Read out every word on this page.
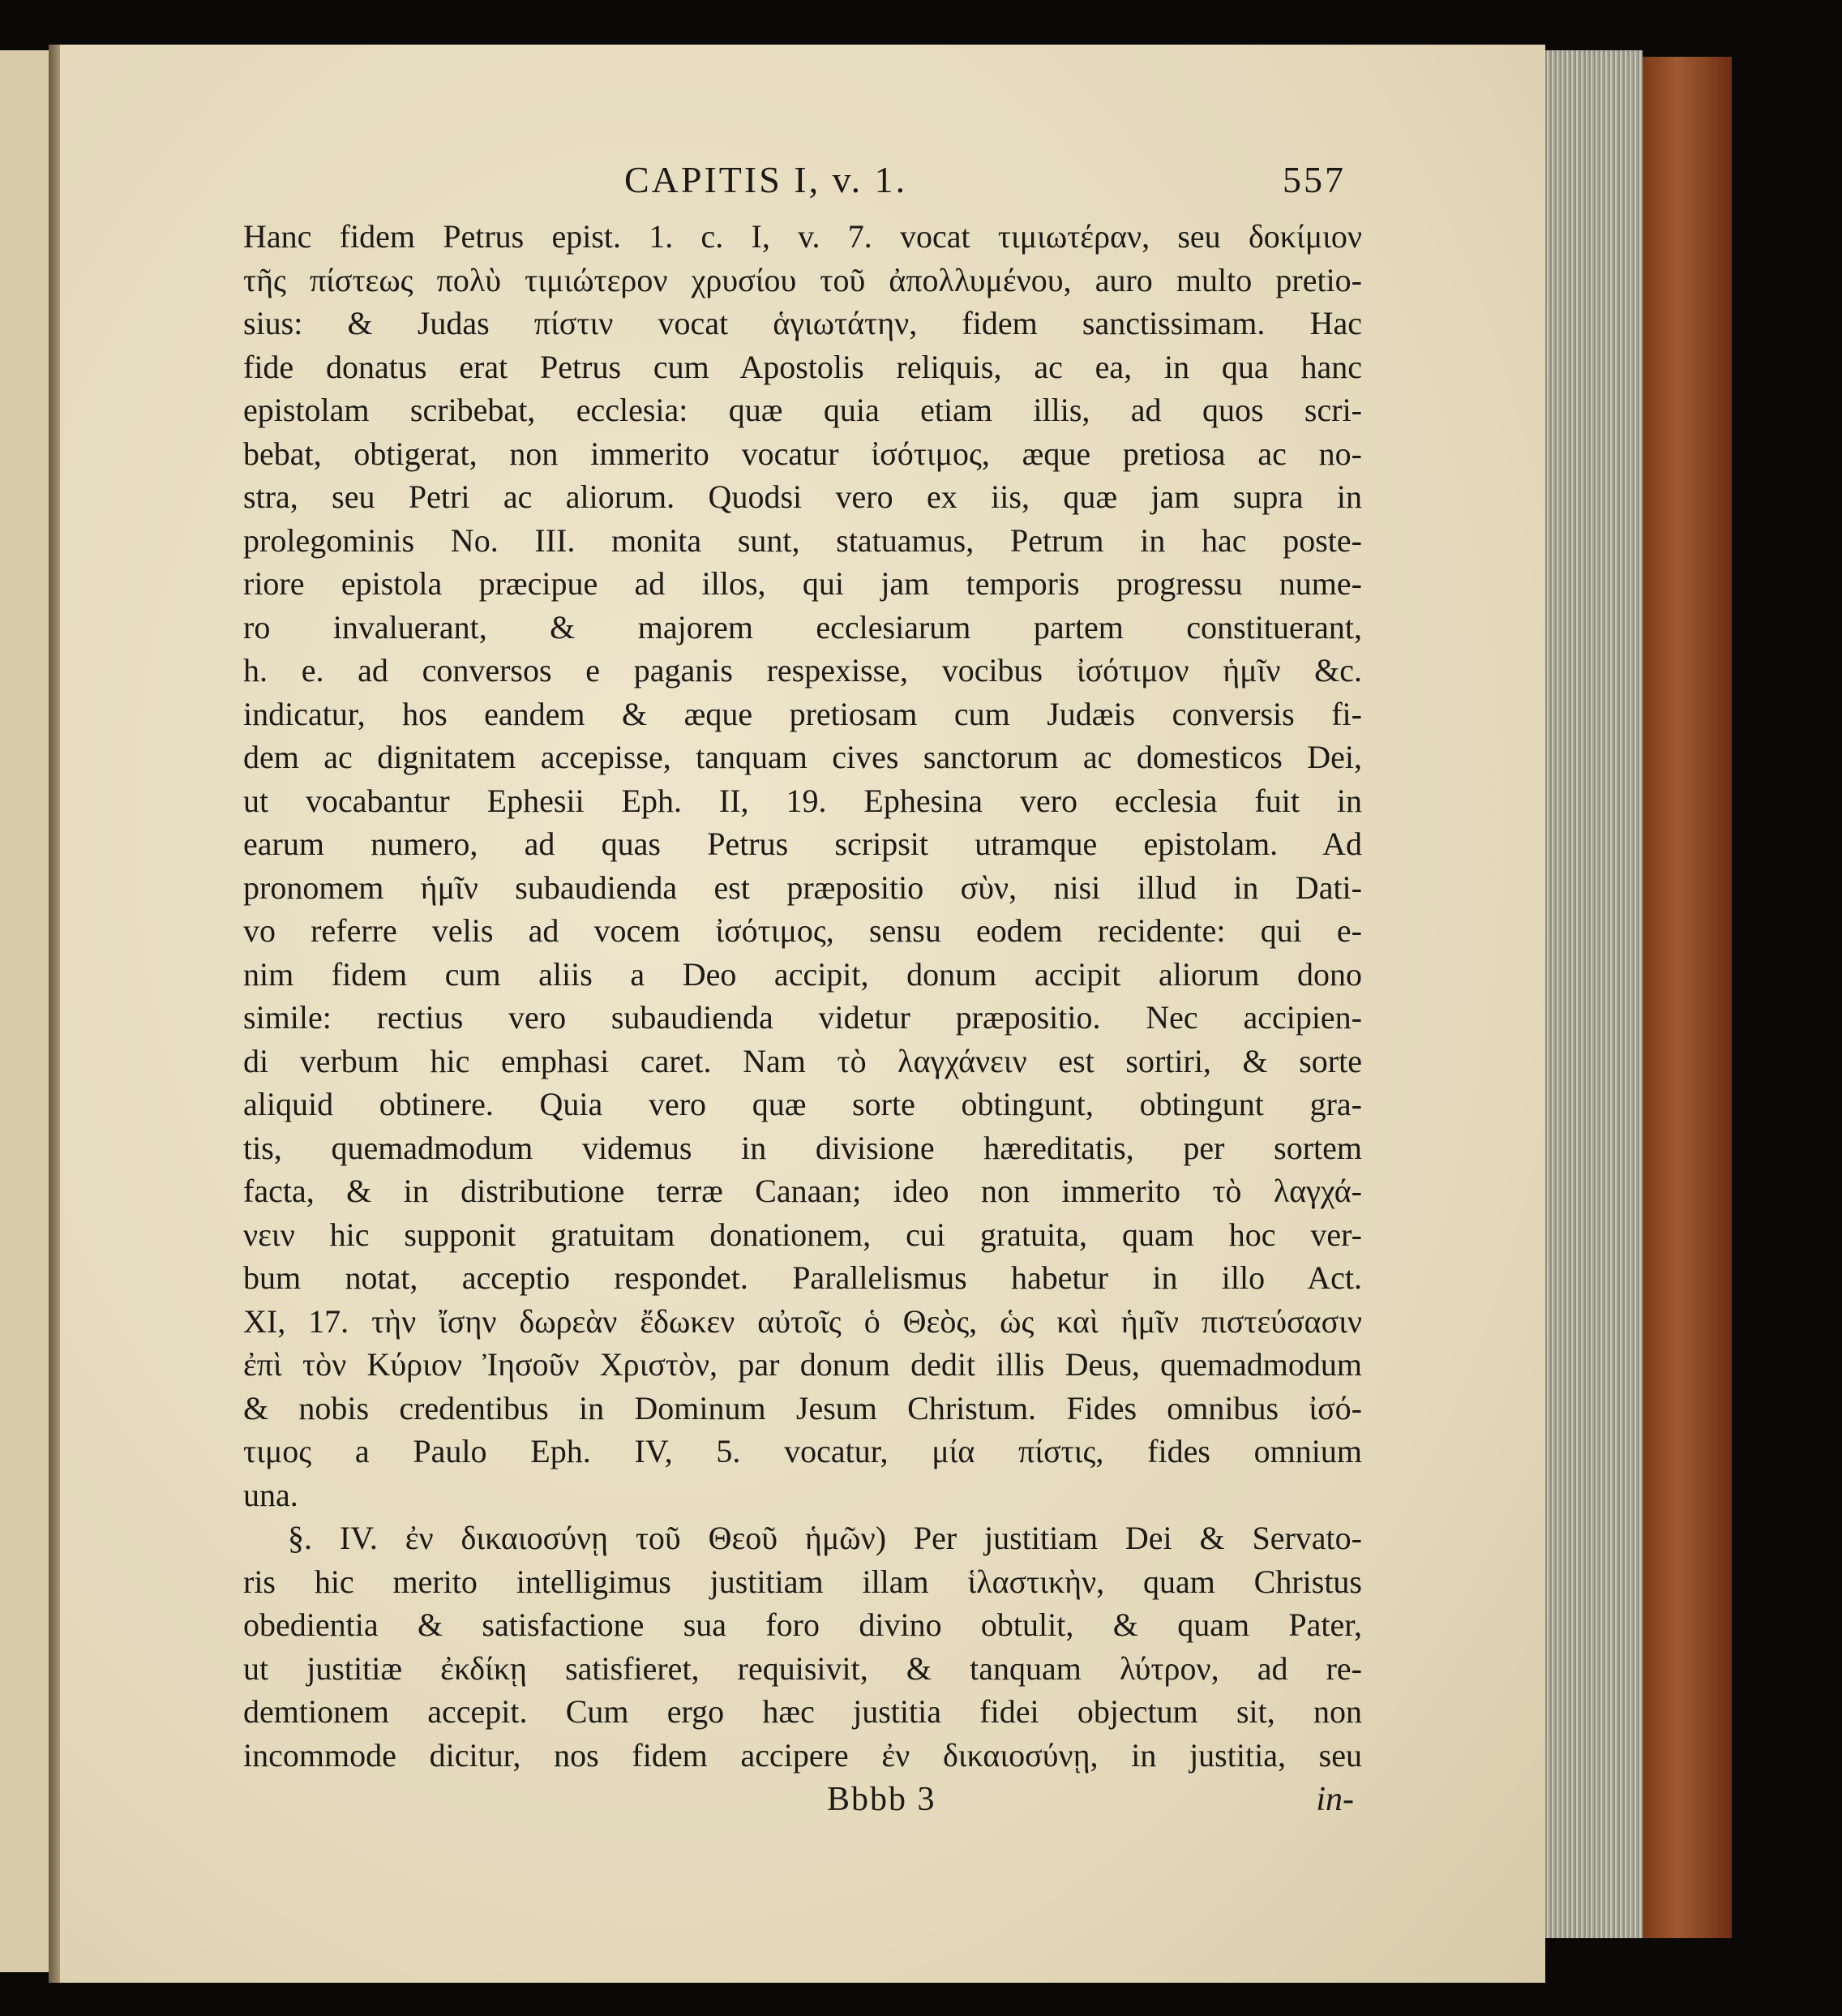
CAPITIS I, v. 1.	557
Hanc fidem Petrus epist. 1. c. I, v. 7. vocat τιμιωτέραν, seu δοκίμιον
τῆς πίστεως πολὺ τιμιώτερον χρυσίου τοῦ ἀπολλυμένου, auro multo pretio-
sius: & Judas πίστιν vocat ἁγιωτάτην, fidem sanctissimam. Hac
fide donatus erat Petrus cum Apostolis reliquis, ac ea, in qua hanc
epistolam scribebat, ecclesia: quæ quia etiam illis, ad quos scri-
bebat, obtigerat, non immerito vocatur ἰσότιμος, æque pretiosa ac no-
stra, seu Petri ac aliorum. Quodsi vero ex iis, quæ jam supra in
prolegominis No. III. monita sunt, statuamus, Petrum in hac poste-
riore epistola præcipue ad illos, qui jam temporis progressu nume-
ro invaluerant, & majorem ecclesiarum partem constituerant,
h. e. ad conversos e paganis respexisse, vocibus ἰσότιμον ἡμῖν &c.
indicatur, hos eandem & æque pretiosam cum Judæis conversis fi-
dem ac dignitatem accepisse, tanquam cives sanctorum ac domesticos Dei,
ut vocabantur Ephesii Eph. II, 19. Ephesina vero ecclesia fuit in
earum numero, ad quas Petrus scripsit utramque epistolam. Ad
pronomem ἡμῖν subaudienda est præpositio σὺν, nisi illud in Dati-
vo referre velis ad vocem ἰσότιμος, sensu eodem recidente: qui e-
nim fidem cum aliis a Deo accipit, donum accipit aliorum dono
simile: rectius vero subaudienda videtur præpositio. Nec accipien-
di verbum hic emphasi caret. Nam τὸ λαγχάνειν est sortiri, & sorte
aliquid obtinere. Quia vero quæ sorte obtingunt, obtingunt gra-
tis, quemadmodum videmus in divisione hæreditatis, per sortem
facta, & in distributione terræ Canaan; ideo non immerito τὸ λαγχά-
νειν hic supponit gratuitam donationem, cui gratuita, quam hoc ver-
bum notat, acceptio respondet. Parallelismus habetur in illo Act.
XI, 17. τὴν ἴσην δωρεὰν ἔδωκεν αὐτοῖς ὁ Θεὸς, ὡς καὶ ἡμῖν πιστεύσασιν
ἐπὶ τὸν Κύριον Ἰησοῦν Χριστὸν, par donum dedit illis Deus, quemadmodum
& nobis credentibus in Dominum Jesum Christum. Fides omnibus ἰσό-
τιμος a Paulo Eph. IV, 5. vocatur, μία πίστις, fides omnium
una.
§. IV. ἐν δικαιοσύνῃ τοῦ Θεοῦ ἡμῶν) Per justitiam Dei & Servato-
ris hic merito intelligimus justitiam illam ἱλαστικὴν, quam Christus
obedientia & satisfactione sua foro divino obtulit, & quam Pater,
ut justitiæ ἐκδίκῃ satisfieret, requisivit, & tanquam λύτρον, ad re-
demtionem accepit. Cum ergo hæc justitia fidei objectum sit, non
incommode dicitur, nos fidem accipere ἐν δικαιοσύνῃ, in justitia, seu
Bbbb 3	in-
